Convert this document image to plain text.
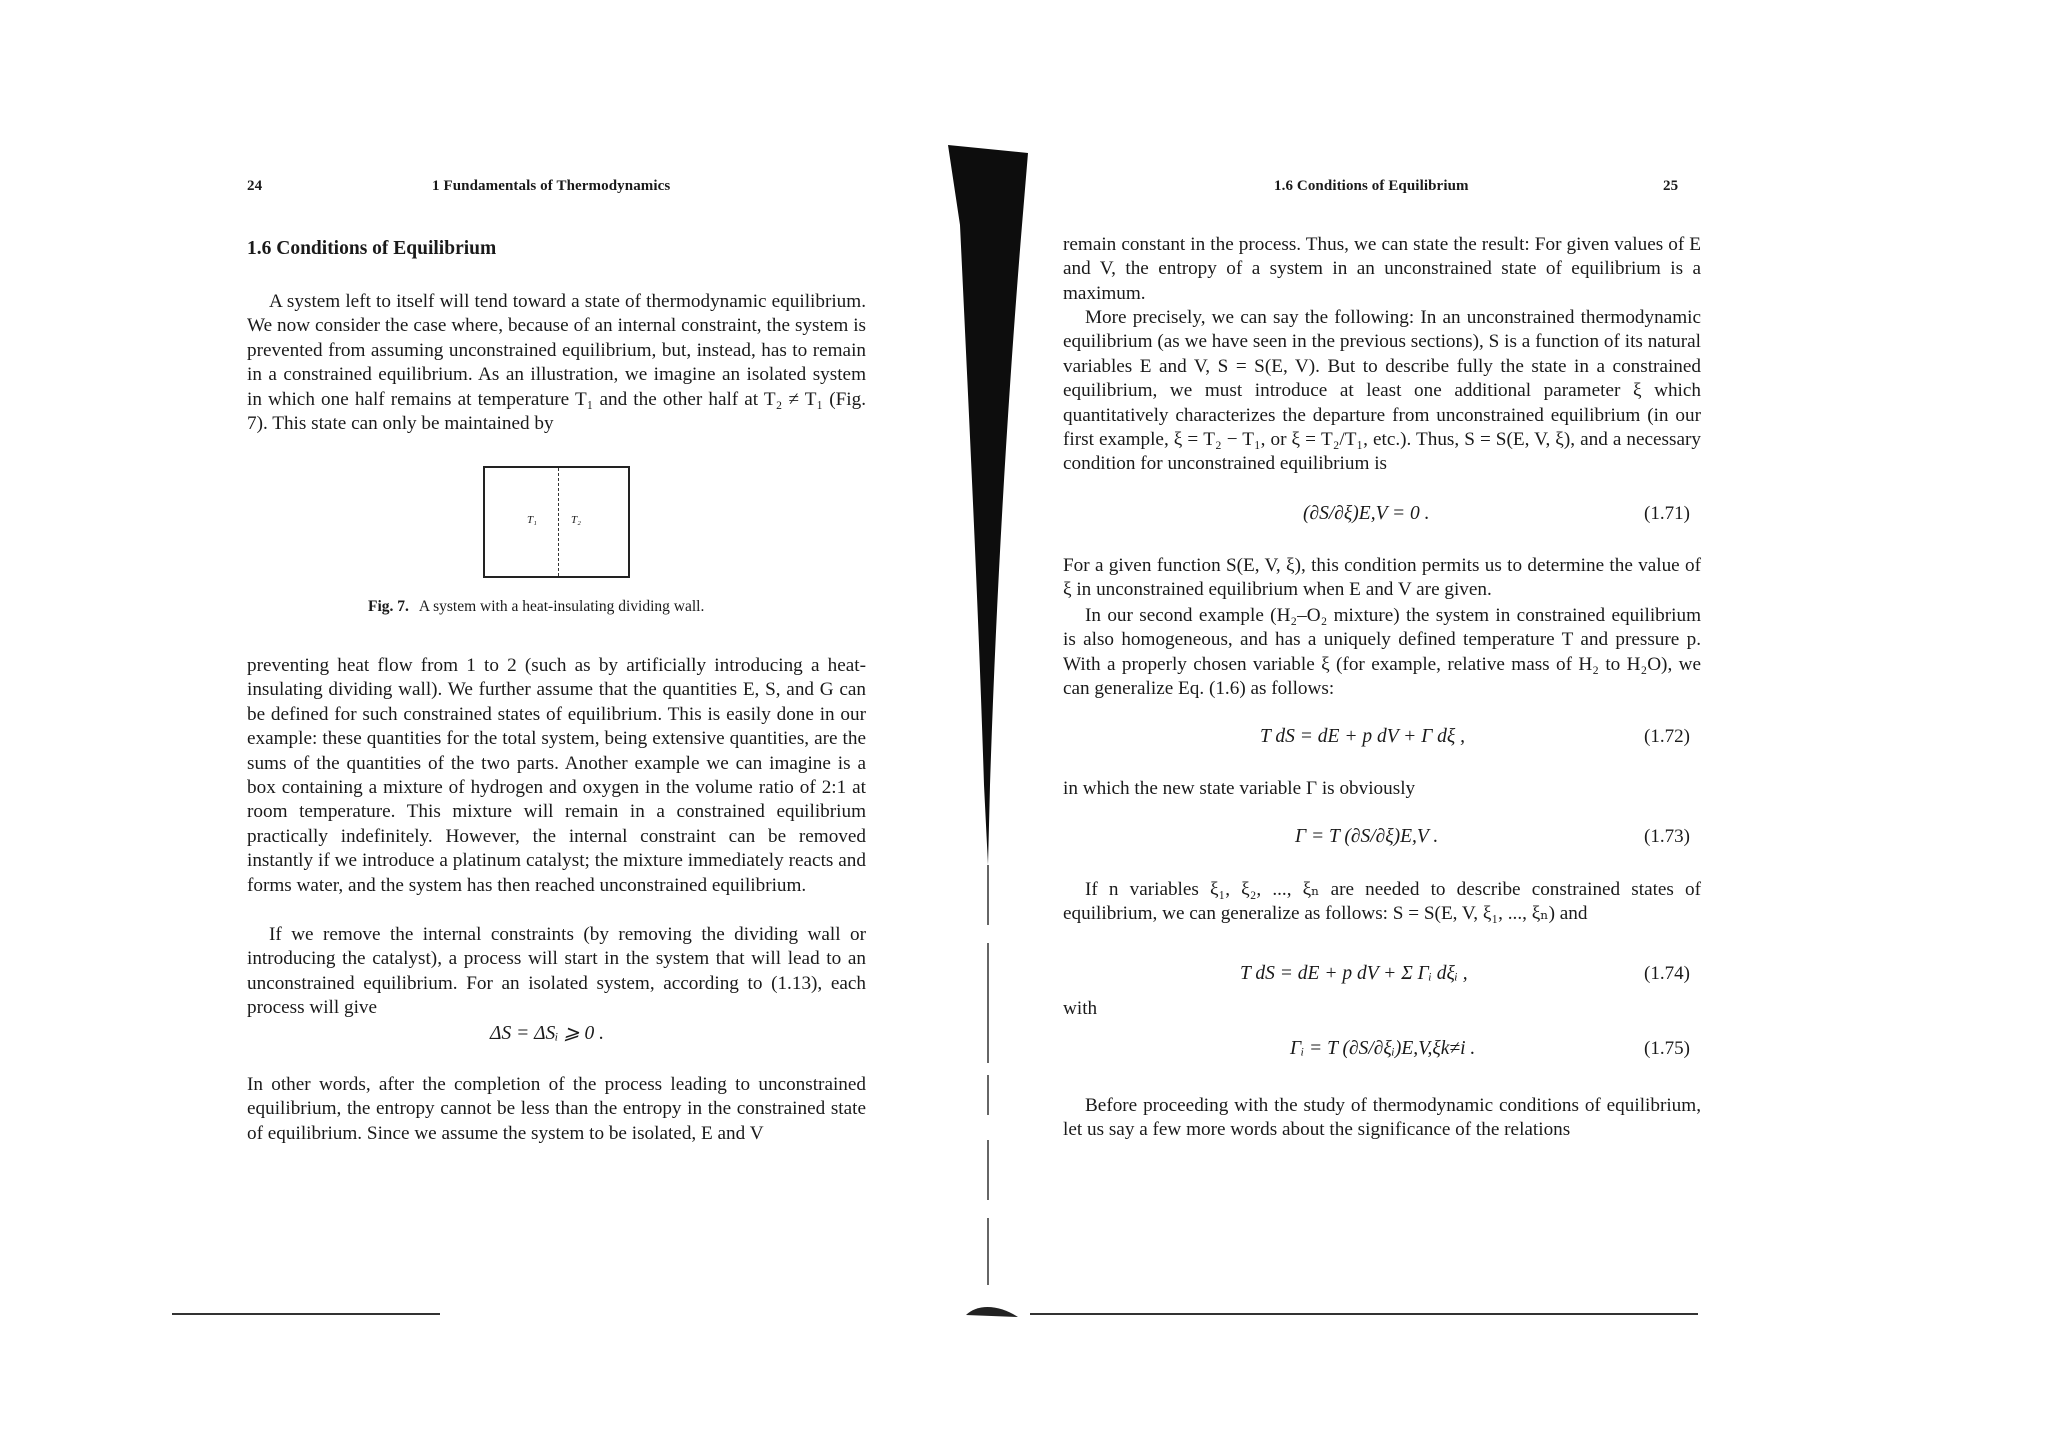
24	1 Fundamentals of Thermodynamics
1.6 Conditions of Equilibrium

A system left to itself will tend toward a state of thermodynamic equilibrium. We now consider the case where, because of an internal constraint, the system is prevented from assuming unconstrained equilibrium, but, instead, has to remain in a constrained equilibrium. As an illustration, we imagine an isolated system in which one half remains at temperature T₁ and the other half at T₂ ≠ T₁ (Fig. 7). This state can only be maintained by

T₁	T₂
Fig. 7. A system with a heat-insulating dividing wall.

preventing heat flow from 1 to 2 (such as by artificially introducing a heat-insulating dividing wall). We further assume that the quantities E, S, and G can be defined for such constrained states of equilibrium. This is easily done in our example: these quantities for the total system, being extensive quantities, are the sums of the quantities of the two parts. Another example we can imagine is a box containing a mixture of hydrogen and oxygen in the volume ratio of 2:1 at room temperature. This mixture will remain in a constrained equilibrium practically indefinitely. However, the internal constraint can be removed instantly if we introduce a platinum catalyst; the mixture immediately reacts and forms water, and the system has then reached unconstrained equilibrium.

If we remove the internal constraints (by removing the dividing wall or introducing the catalyst), a process will start in the system that will lead to an unconstrained equilibrium. For an isolated system, according to (1.13), each process will give

ΔS = ΔSᵢ ⩾ 0 .

In other words, after the completion of the process leading to unconstrained equilibrium, the entropy cannot be less than the entropy in the constrained state of equilibrium. Since we assume the system to be isolated, E and V

1.6 Conditions of Equilibrium	25

remain constant in the process. Thus, we can state the result: For given values of E and V, the entropy of a system in an unconstrained state of equilibrium is a maximum.

More precisely, we can say the following: In an unconstrained thermodynamic equilibrium (as we have seen in the previous sections), S is a function of its natural variables E and V, S = S(E, V). But to describe fully the state in a constrained equilibrium, we must introduce at least one additional parameter ξ which quantitatively characterizes the departure from unconstrained equilibrium (in our first example, ξ = T₂ − T₁, or ξ = T₂/T₁, etc.). Thus, S = S(E, V, ξ), and a necessary condition for unconstrained equilibrium is

(∂S/∂ξ)E,V = 0 .	(1.71)

For a given function S(E, V, ξ), this condition permits us to determine the value of ξ in unconstrained equilibrium when E and V are given.

In our second example (H₂–O₂ mixture) the system in constrained equilibrium is also homogeneous, and has a uniquely defined temperature T and pressure p. With a properly chosen variable ξ (for example, relative mass of H₂ to H₂O), we can generalize Eq. (1.6) as follows:

T dS = dE + p dV + Γ dξ ,	(1.72)

in which the new state variable Γ is obviously

Γ = T (∂S/∂ξ)E,V .	(1.73)

If n variables ξ₁, ξ₂, ..., ξₙ are needed to describe constrained states of equilibrium, we can generalize as follows: S = S(E, V, ξ₁, ..., ξₙ) and

T dS = dE + p dV + Σ Γᵢ dξᵢ ,	(1.74)
with
Γᵢ = T (∂S/∂ξᵢ)E,V,ξk≠i .	(1.75)

Before proceeding with the study of thermodynamic conditions of equilibrium, let us say a few more words about the significance of the relations
